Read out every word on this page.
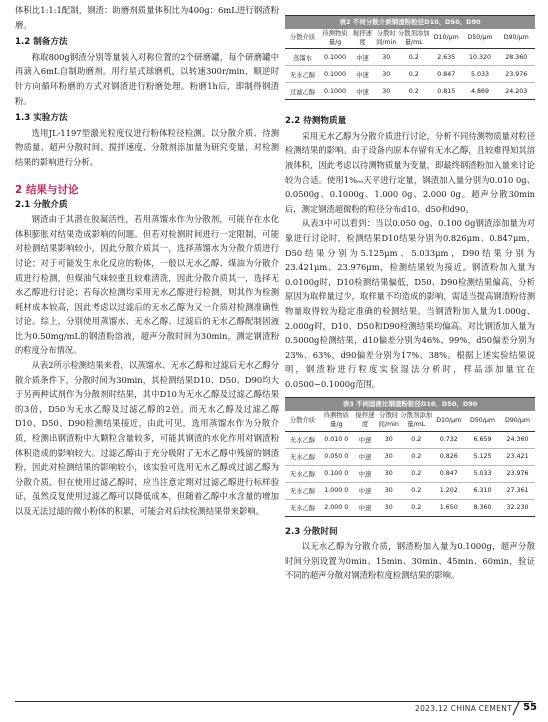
体积比1:1:1配制，钢渣：助磨剂质量体积比为400g：6mL进行钢渣粉磨。

1.2 制备方法

称取800g钢渣分别等量装入对称位置的2个研磨罐，每个研磨罐中再滴入6mL自制助磨剂。用行星式球磨机，以转速300r/min，顺逆时针方向循环粉磨的方式对钢渣进行粉磨处理。粉磨1h后，即制得钢渣粉。

1.3 实验方法

选用JL-1197型激光粒度仪进行粉体粒径检测。以分散介质、待测物质量、超声分散时间、搅拌速度、分散剂添加量为研究变量，对检测结果的影响进行分析。

2 结果与讨论
2.1 分散介质

钢渣由于其潜在胶凝活性，若用蒸馏水作为分散剂，可能存在水化体积膨胀对结果造成影响的问题。但若对检测时间进行一定限制，可能对检测结果影响较小，因此分散介质其一，选择蒸馏水为分散介质进行讨论；对于可能发生水化反应的粉体，一般以无水乙醇、煤油为分散介质进行检测，但煤油气味较重且较难清洗，因此分散介质其一，选择无水乙醇进行讨论；若每次检测均采用无水乙醇进行检测，则其作为检测耗材成本较高，因此考虑以过滤后的无水乙醇为又一介质对检测准确性讨论。综上，分别使用蒸馏水、无水乙醇、过滤后的无水乙醇配制固液比为0.50mg/mL的钢渣粉溶液，超声分散时间为30min，测定钢渣粉的粒度分布情况。

从表2所示检测结果来看，以蒸馏水、无水乙醇和过滤后无水乙醇分散介质条件下，分散时间为30min，其检测结果D10、D50、D90均大于另两种试剂作为分散剂时结果，其中D10为无水乙醇及过滤乙醇结果的3倍，D50为无水乙醇及过滤乙醇的2倍。而无水乙醇及过滤乙醇D10、D50、D90检测结果接近，由此可见，选用蒸馏水作为分散介质，检测出钢渣粉中大颗粒含量较多，可能其钢渣的水化作用对钢渣粉体积造成的影响较大。过滤乙醇由于充分吸附了无水乙醇中残留的钢渣粉，因此对检测结果的影响较小，该实验可选用无水乙醇或过滤乙醇为分散介质。但在使用过滤乙醇时，应当注意定期对过滤乙醇进行标样验证，虽然反复使用过滤乙醇可以降低成本，但随着乙醇中水含量的增加以及无法过滤的微小粉体的积累，可能会对后续检测结果带来影响。

表2 不同分散介质钢渣粉粒径D10、D50、D90
分散介质	待测物质量/g	搅拌速度	分散时间/min	分散剂添加量/mL	D10/μm	D50/μm	D90/μm
蒸馏水	0.1000	中速	30	0.2	2.635	10.320	28.360
无水乙醇	0.1000	中速	30	0.2	0.847	5.033	23.976
过滤乙醇	0.1000	中速	30	0.2	0.815	4.869	24.203
2.2 待测物质量

采用无水乙醇为分散介质进行讨论，分析不同待测物质量对粒径检测结果的影响。由于设备内原本存留有无水乙醇，且较难得知其溶液体积，因此考虑以待测物质量为变量，即最终钢渣粉加入量来讨论较为合适。使用1%ₒₒ天平进行定量，钢渣加入量分别为0.010 0g、0.0500g、0.1000g、1.000 0g、2.000 0g。超声分散30min后，测定钢渣超微粉的粒径分布d10、d50和d90。

从表3中可以看到：当以0.050 0g、0.100 0g钢渣添加量为对象进行讨论时，检测结果D10结果分别为0.826μm、0.847μm，D50结果分别为5.125μm、5.033μm，D90结果分别为23.421μm、23.976μm，检测结果较为接近。钢渣粉加入量为0.0100g时，D10检测结果偏低，D50、D90检测结果偏高，分析原因为取样量过少，取样量不均造成的影响，需适当提高钢渣粉待测物量取得较为稳定准确的检测结果。当钢渣粉加入量为1.000g、2.000g时，D10、D50和D90检测结果均偏高。对比钢渣加入量为0.5000g检测结果，d10偏差分别为46%、99%，d50偏差分别为23%、63%，d90偏差分别为17%、38%。根据上述实验结果说明，钢渣粉进行粒度实验湿法分析时，样品添加量宜在0.0500~0.1000g范围。

表3 不同固液比钢渣粉粒径D10、D50、D90
分散介质	待测物质量/g	搅拌速度	分散时间/min	分散剂添加量/mL	D10/μm	D50/μm	D90/μm
无水乙醇	0.010 0	中速	30	0.2	0.732	6.659	24.360
无水乙醇	0.050 0	中速	30	0.2	0.826	5.125	23.421
无水乙醇	0.100 0	中速	30	0.2	0.847	5.033	23.976
无水乙醇	1.000 0	中速	30	0.2	1.202	6.310	27.361
无水乙醇	2.000 0	中速	30	0.2	1.650	8.360	32.230
2.3 分散时间

以无水乙醇为分散介质，钢渣粉加入量为0.1000g，超声分散时间分别设置为0min、15min、30min、45min、60min，验证不同的超声分散对钢渣粉粒度检测结果的影响。

2023.12 CHINA CEMENT 55
